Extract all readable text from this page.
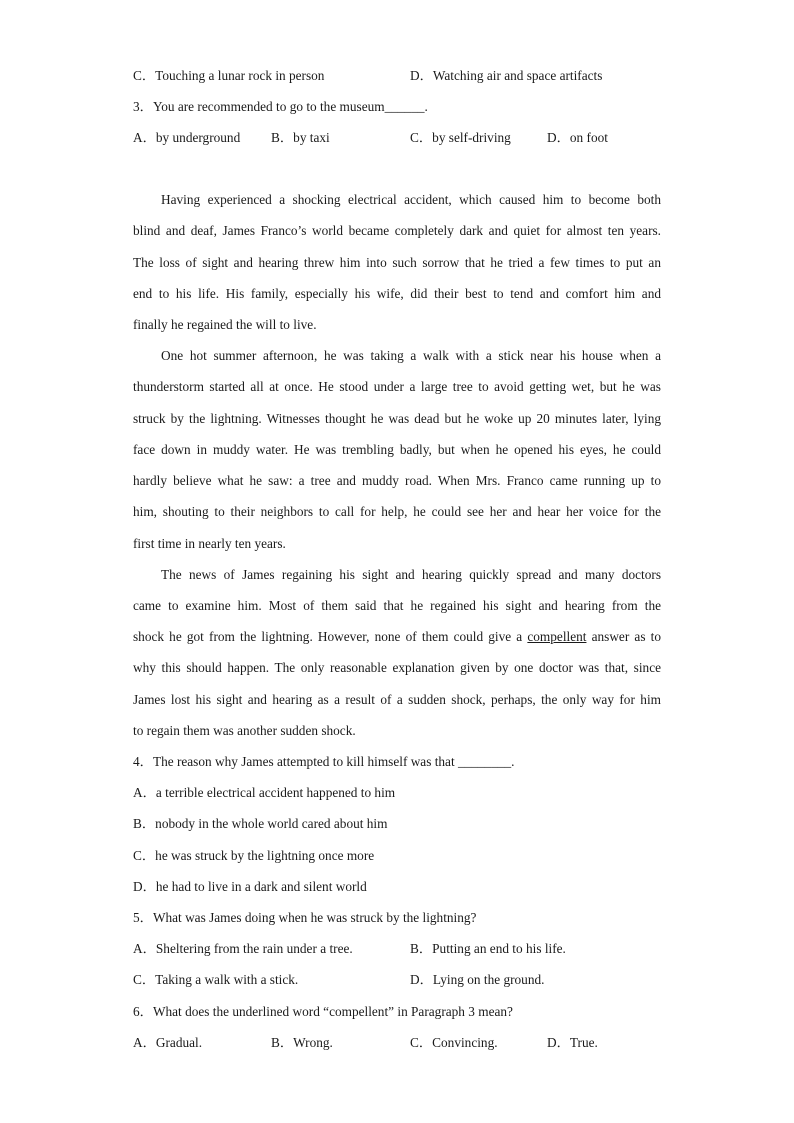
C．Touching a lunar rock in person	D．Watching air and space artifacts
3．You are recommended to go to the museum______.
A．by underground B．by taxi	C．by self-driving	D．on foot
Having experienced a shocking electrical accident, which caused him to become both
blind and deaf, James Franco’s world became completely dark and quiet for almost ten years.
The loss of sight and hearing threw him into such sorrow that he tried a few times to put an
end to his life. His family, especially his wife, did their best to tend and comfort him and
finally he regained the will to live.
One hot summer afternoon, he was taking a walk with a stick near his house when a
thunderstorm started all at once. He stood under a large tree to avoid getting wet, but he was
struck by the lightning. Witnesses thought he was dead but he woke up 20 minutes later, lying
face down in muddy water. He was trembling badly, but when he opened his eyes, he could
hardly believe what he saw: a tree and muddy road. When Mrs. Franco came running up to
him, shouting to their neighbors to call for help, he could see her and hear her voice for the
first time in nearly ten years.
The news of James regaining his sight and hearing quickly spread and many doctors
came to examine him. Most of them said that he regained his sight and hearing from the
shock he got from the lightning. However, none of them could give a compellent answer as to
why this should happen. The only reasonable explanation given by one doctor was that, since
James lost his sight and hearing as a result of a sudden shock, perhaps, the only way for him
to regain them was another sudden shock.
4．The reason why James attempted to kill himself was that ________.
A．a terrible electrical accident happened to him
B．nobody in the whole world cared about him
C．he was struck by the lightning once more
D．he had to live in a dark and silent world
5．What was James doing when he was struck by the lightning?
A．Sheltering from the rain under a tree.	B．Putting an end to his life.
C．Taking a walk with a stick.	D．Lying on the ground.
6．What does the underlined word “compellent” in Paragraph 3 mean?
A．Gradual.	B．Wrong.	C．Convincing.	D．True.
